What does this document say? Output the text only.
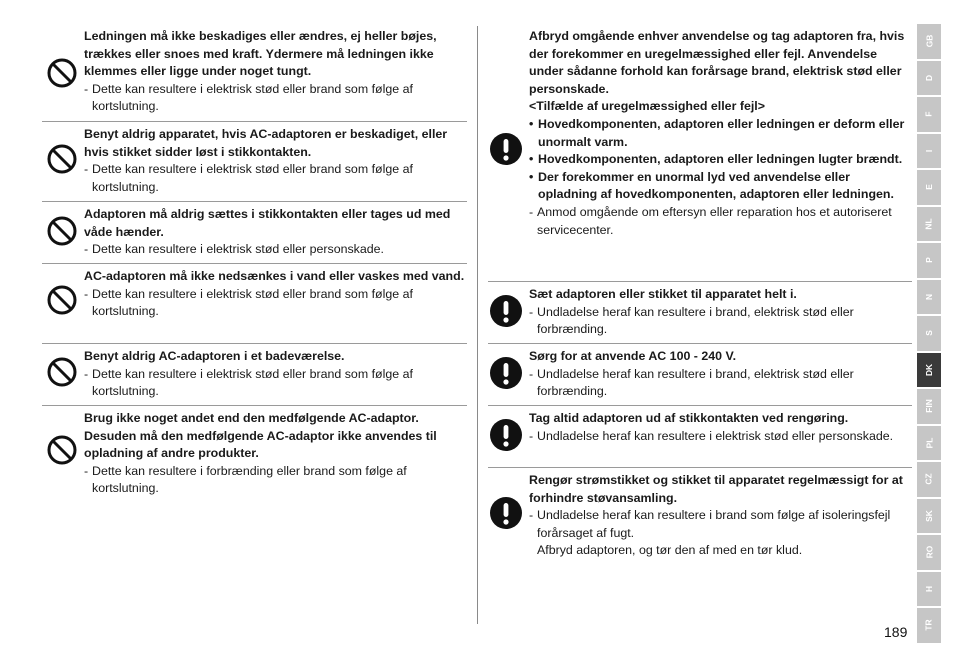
Ledningen må ikke beskadiges eller ændres, ej heller bøjes, trækkes eller snoes med kraft. Ydermere må ledningen ikke klemmes eller ligge under noget tungt.
- Dette kan resultere i elektrisk stød eller brand som følge af kortslutning.
Benyt aldrig apparatet, hvis AC-adaptoren er beskadiget, eller hvis stikket sidder løst i stikkontakten.
- Dette kan resultere i elektrisk stød eller brand som følge af kortslutning.
Adaptoren må aldrig sættes i stikkontakten eller tages ud med våde hænder.
- Dette kan resultere i elektrisk stød eller personskade.
AC-adaptoren må ikke nedsænkes i vand eller vaskes med vand.
- Dette kan resultere i elektrisk stød eller brand som følge af kortslutning.
Benyt aldrig AC-adaptoren i et badeværelse.
- Dette kan resultere i elektrisk stød eller brand som følge af kortslutning.
Brug ikke noget andet end den medfølgende AC-adaptor. Desuden må den medfølgende AC-adaptor ikke anvendes til opladning af andre produkter.
- Dette kan resultere i forbrænding eller brand som følge af kortslutning.
Afbryd omgående enhver anvendelse og tag adaptoren fra, hvis der forekommer en uregelmæssighed eller fejl. Anvendelse under sådanne forhold kan forårsage brand, elektrisk stød eller personskade.
<Tilfælde af uregelmæssighed eller fejl>
• Hovedkomponenten, adaptoren eller ledningen er deform eller unormalt varm.
• Hovedkomponenten, adaptoren eller ledningen lugter brændt.
• Der forekommer en unormal lyd ved anvendelse eller opladning af hovedkomponenten, adaptoren eller ledningen.
- Anmod omgående om eftersyn eller reparation hos et autoriseret servicecenter.
Sæt adaptoren eller stikket til apparatet helt i.
- Undladelse heraf kan resultere i brand, elektrisk stød eller forbrænding.
Sørg for at anvende AC 100 - 240 V.
- Undladelse heraf kan resultere i brand, elektrisk stød eller forbrænding.
Tag altid adaptoren ud af stikkontakten ved rengøring.
- Undladelse heraf kan resultere i elektrisk stød eller personskade.
Rengør strømstikket og stikket til apparatet regelmæssigt for at forhindre støvansamling.
- Undladelse heraf kan resultere i brand som følge af isoleringsfejl forårsaget af fugt.
Afbryd adaptoren, og tør den af med en tør klud.
GB
D
F
I
E
NL
P
N
S
DK
FIN
PL
CZ
SK
RO
H
TR
189
